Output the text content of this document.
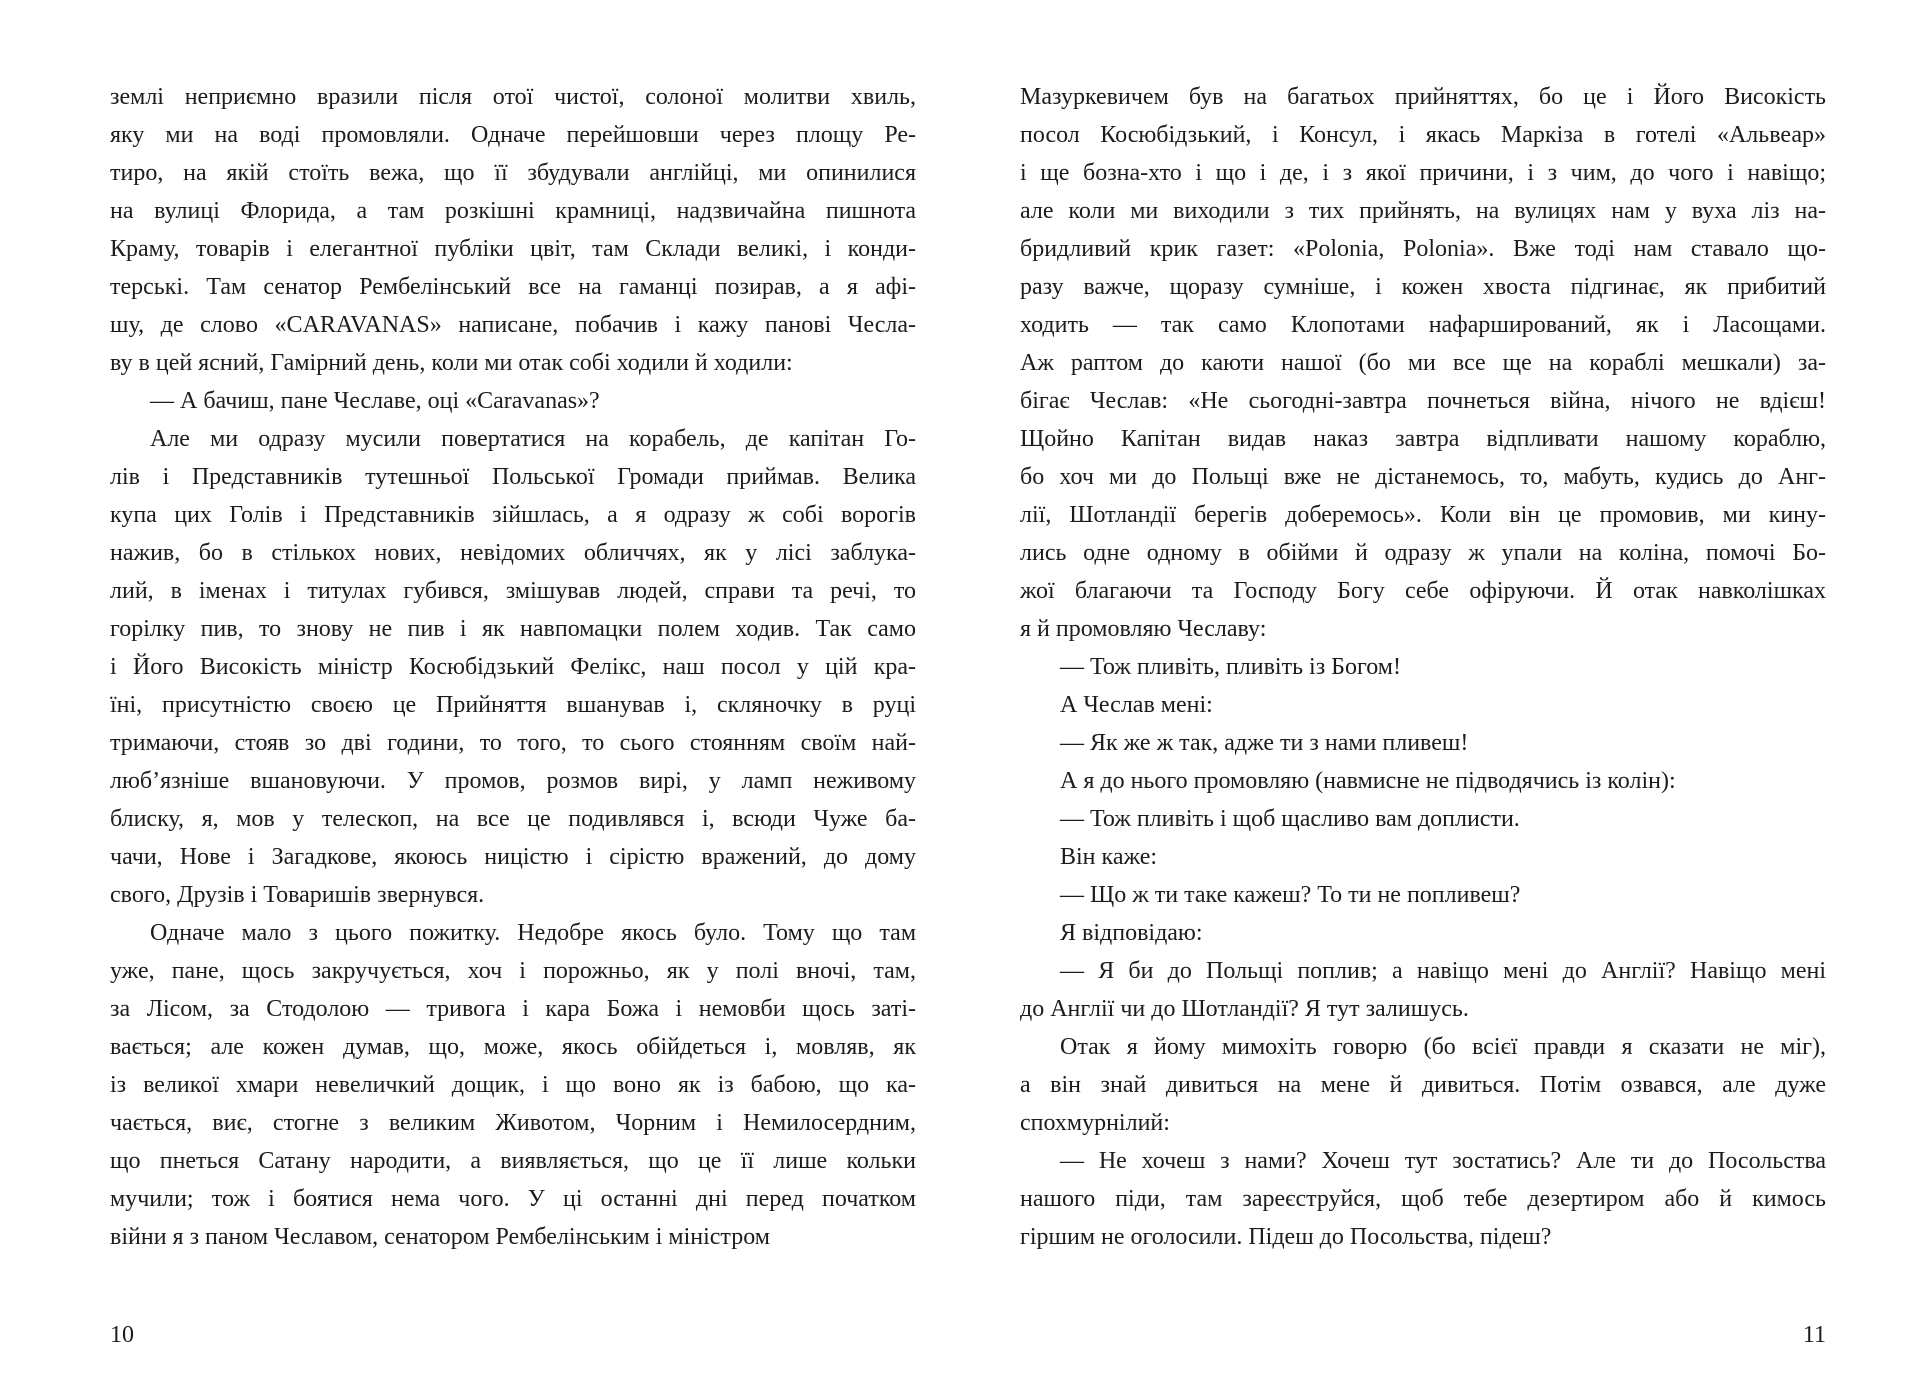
землі неприємно вразили після отої чистої, солоної молитви хвиль,
яку ми на воді промовляли. Одначе перейшовши через площу Ре-
тиро, на якій стоїть вежа, що її збудували англійці, ми опинилися
на вулиці Флорида, а там розкішні крамниці, надзвичайна пишнота
Краму, товарів і елегантної публіки цвіт, там Склади великі, і конди-
терські. Там сенатор Рембелінський все на гаманці позирав, а я афі-
шу, де слово «CARAVANAS» написане, побачив і кажу панові Чесла-
ву в цей ясний, Гамірний день, коли ми отак собі ходили й ходили:
— А бачиш, пане Чеславе, оці «Caravanas»?
Але ми одразу мусили повертатися на корабель, де капітан Го-
лів і Представників тутешньої Польської Громади приймав. Велика
купа цих Голів і Представників зійшлась, а я одразу ж собі ворогів
нажив, бо в стількох нових, невідомих обличчях, як у лісі заблука-
лий, в іменах і титулах губився, змішував людей, справи та речі, то
горілку пив, то знову не пив і як навпомацки полем ходив. Так само
і Його Високість міністр Косюбідзький Фелікс, наш посол у цій кра-
їні, присутністю своєю це Прийняття вшанував і, скляночку в руці
тримаючи, стояв зо дві години, то того, то сього стоянням своїм най-
люб’язніше вшановуючи. У промов, розмов вирі, у ламп неживому
блиску, я, мов у телескоп, на все це подивлявся і, всюди Чуже ба-
чачи, Нове і Загадкове, якоюсь ницістю і сірістю вражений, до дому
свого, Друзів і Товаришів звернувся.
Одначе мало з цього пожитку. Недобре якось було. Тому що там
уже, пане, щось закручується, хоч і порожньо, як у полі вночі, там,
за Лісом, за Стодолою — тривога і кара Божа і немовби щось заті-
вається; але кожен думав, що, може, якось обійдеться і, мовляв, як
із великої хмари невеличкий дощик, і що воно як із бабою, що ка-
чається, виє, стогне з великим Животом, Чорним і Немилосердним,
що пнеться Сатану народити, а виявляється, що це її лише кольки
мучили; тож і боятися нема чого. У ці останні дні перед початком
війни я з паном Чеславом, сенатором Рембелінським і міністром
10
Мазуркевичем був на багатьох прийняттях, бо це і Його Високість
посол Косюбідзький, і Консул, і якась Маркіза в готелі «Альвеар»
і ще бозна-хто і що і де, і з якої причини, і з чим, до чого і навіщо;
але коли ми виходили з тих прийнять, на вулицях нам у вуха ліз на-
бридливий крик газет: «Polonia, Polonia». Вже тоді нам ставало що-
разу важче, щоразу сумніше, і кожен хвоста підгинає, як прибитий
ходить — так само Клопотами нафарширований, як і Ласощами.
Аж раптом до каюти нашої (бо ми все ще на кораблі мешкали) за-
бігає Чеслав: «Не сьогодні-завтра почнеться війна, нічого не вдієш!
Щойно Капітан видав наказ завтра відпливати нашому кораблю,
бо хоч ми до Польщі вже не дістанемось, то, мабуть, кудись до Анг-
лії, Шотландії берегів доберемось». Коли він це промовив, ми кину-
лись одне одному в обійми й одразу ж упали на коліна, помочі Бо-
жої благаючи та Господу Богу себе офіруючи. Й отак навколішках
я й промовляю Чеславу:
— Тож пливіть, пливіть із Богом!
А Чеслав мені:
— Як же ж так, адже ти з нами пливеш!
А я до нього промовляю (навмисне не підводячись із колін):
— Тож пливіть і щоб щасливо вам доплисти.
Він каже:
— Що ж ти таке кажеш? То ти не попливеш?
Я відповідаю:
— Я би до Польщі поплив; а навіщо мені до Англії? Навіщо мені
до Англії чи до Шотландії? Я тут залишусь.
Отак я йому мимохіть говорю (бо всієї правди я сказати не міг),
а він знай дивиться на мене й дивиться. Потім озвався, але дуже
спохмурнілий:
— Не хочеш з нами? Хочеш тут зостатись? Але ти до Посольства
нашого піди, там зареєструйся, щоб тебе дезертиром або й кимось
гіршим не оголосили. Підеш до Посольства, підеш?
11
